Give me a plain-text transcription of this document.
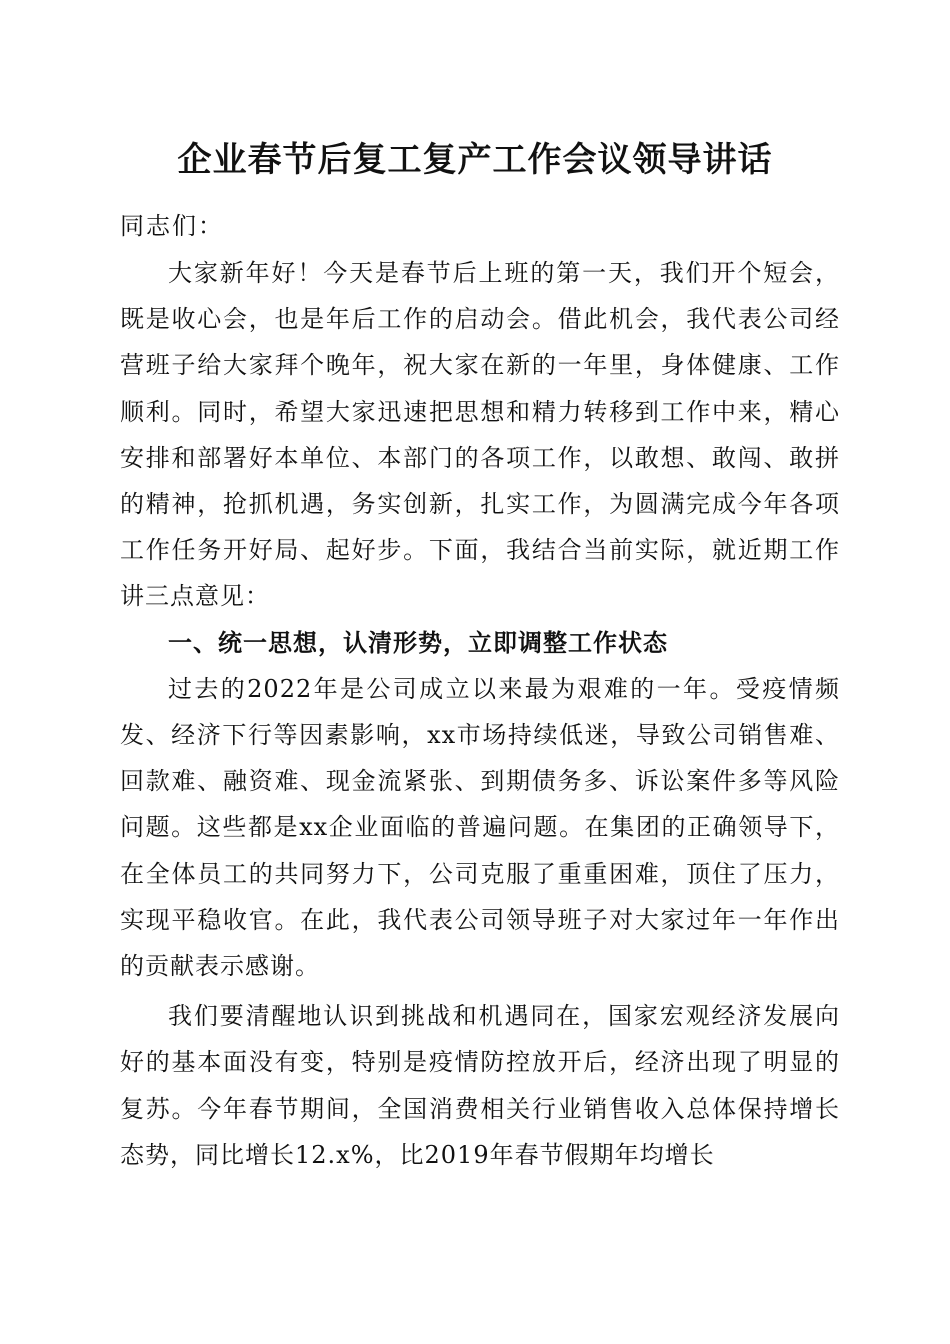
企业春节后复工复产工作会议领导讲话

同志们：

大家新年好！今天是春节后上班的第一天，我们开个短会，既是收心会，也是年后工作的启动会。借此机会，我代表公司经营班子给大家拜个晚年，祝大家在新的一年里，身体健康、工作顺利。同时，希望大家迅速把思想和精力转移到工作中来，精心安排和部署好本单位、本部门的各项工作，以敢想、敢闯、敢拼的精神，抢抓机遇，务实创新，扎实工作，为圆满完成今年各项工作任务开好局、起好步。下面，我结合当前实际，就近期工作讲三点意见：

一、统一思想，认清形势，立即调整工作状态

过去的2022年是公司成立以来最为艰难的一年。受疫情频发、经济下行等因素影响，xx市场持续低迷，导致公司销售难、回款难、融资难、现金流紧张、到期债务多、诉讼案件多等风险问题。这些都是xx企业面临的普遍问题。在集团的正确领导下，在全体员工的共同努力下，公司克服了重重困难，顶住了压力，实现平稳收官。在此，我代表公司领导班子对大家过年一年作出的贡献表示感谢。

我们要清醒地认识到挑战和机遇同在，国家宏观经济发展向好的基本面没有变，特别是疫情防控放开后，经济出现了明显的复苏。今年春节期间，全国消费相关行业销售收入总体保持增长态势，同比增长12.x%，比2019年春节假期年均增长
